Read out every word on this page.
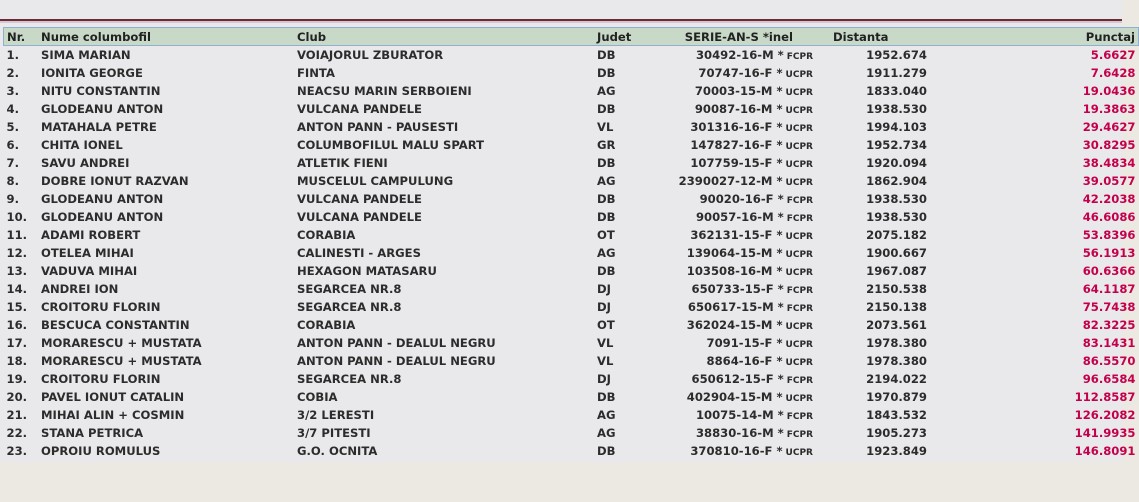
Nr.	Nume columbofil	Club	Judet	SERIE-AN-S *inel	Distanta		Punctaj
1.	SIMA MARIAN	VOIAJORUL ZBURATOR	DB	30492-16-M * FCPR	1952.674		5.6627
2.	IONITA GEORGE	FINTA	DB	70747-16-F * UCPR	1911.279		7.6428
3.	NITU CONSTANTIN	NEACSU MARIN SERBOIENI	AG	70003-15-M * UCPR	1833.040		19.0436
4.	GLODEANU ANTON	VULCANA PANDELE	DB	90087-16-M * UCPR	1938.530		19.3863
5.	MATAHALA PETRE	ANTON PANN - PAUSESTI	VL	301316-16-F * UCPR	1994.103		29.4627
6.	CHITA IONEL	COLUMBOFILUL MALU SPART	GR	147827-16-F * UCPR	1952.734		30.8295
7.	SAVU ANDREI	ATLETIK FIENI	DB	107759-15-F * UCPR	1920.094		38.4834
8.	DOBRE IONUT RAZVAN	MUSCELUL CAMPULUNG	AG	2390027-12-M * UCPR	1862.904		39.0577
9.	GLODEANU ANTON	VULCANA PANDELE	DB	90020-16-F * FCPR	1938.530		42.2038
10.	GLODEANU ANTON	VULCANA PANDELE	DB	90057-16-M * FCPR	1938.530		46.6086
11.	ADAMI ROBERT	CORABIA	OT	362131-15-F * UCPR	2075.182		53.8396
12.	OTELEA MIHAI	CALINESTI - ARGES	AG	139064-15-M * UCPR	1900.667		56.1913
13.	VADUVA MIHAI	HEXAGON MATASARU	DB	103508-16-M * UCPR	1967.087		60.6366
14.	ANDREI ION	SEGARCEA NR.8	DJ	650733-15-F * FCPR	2150.538		64.1187
15.	CROITORU FLORIN	SEGARCEA NR.8	DJ	650617-15-M * FCPR	2150.138		75.7438
16.	BESCUCA CONSTANTIN	CORABIA	OT	362024-15-M * UCPR	2073.561		82.3225
17.	MORARESCU + MUSTATA	ANTON PANN - DEALUL NEGRU	VL	7091-15-F * UCPR	1978.380		83.1431
18.	MORARESCU + MUSTATA	ANTON PANN - DEALUL NEGRU	VL	8864-16-F * UCPR	1978.380		86.5570
19.	CROITORU FLORIN	SEGARCEA NR.8	DJ	650612-15-F * FCPR	2194.022		96.6584
20.	PAVEL IONUT CATALIN	COBIA	DB	402904-15-M * UCPR	1970.879		112.8587
21.	MIHAI ALIN + COSMIN	3/2 LERESTI	AG	10075-14-M * FCPR	1843.532		126.2082
22.	STANA PETRICA	3/7 PITESTI	AG	38830-16-M * FCPR	1905.273		141.9935
23.	OPROIU ROMULUS	G.O. OCNITA	DB	370810-16-F * UCPR	1923.849		146.8091
